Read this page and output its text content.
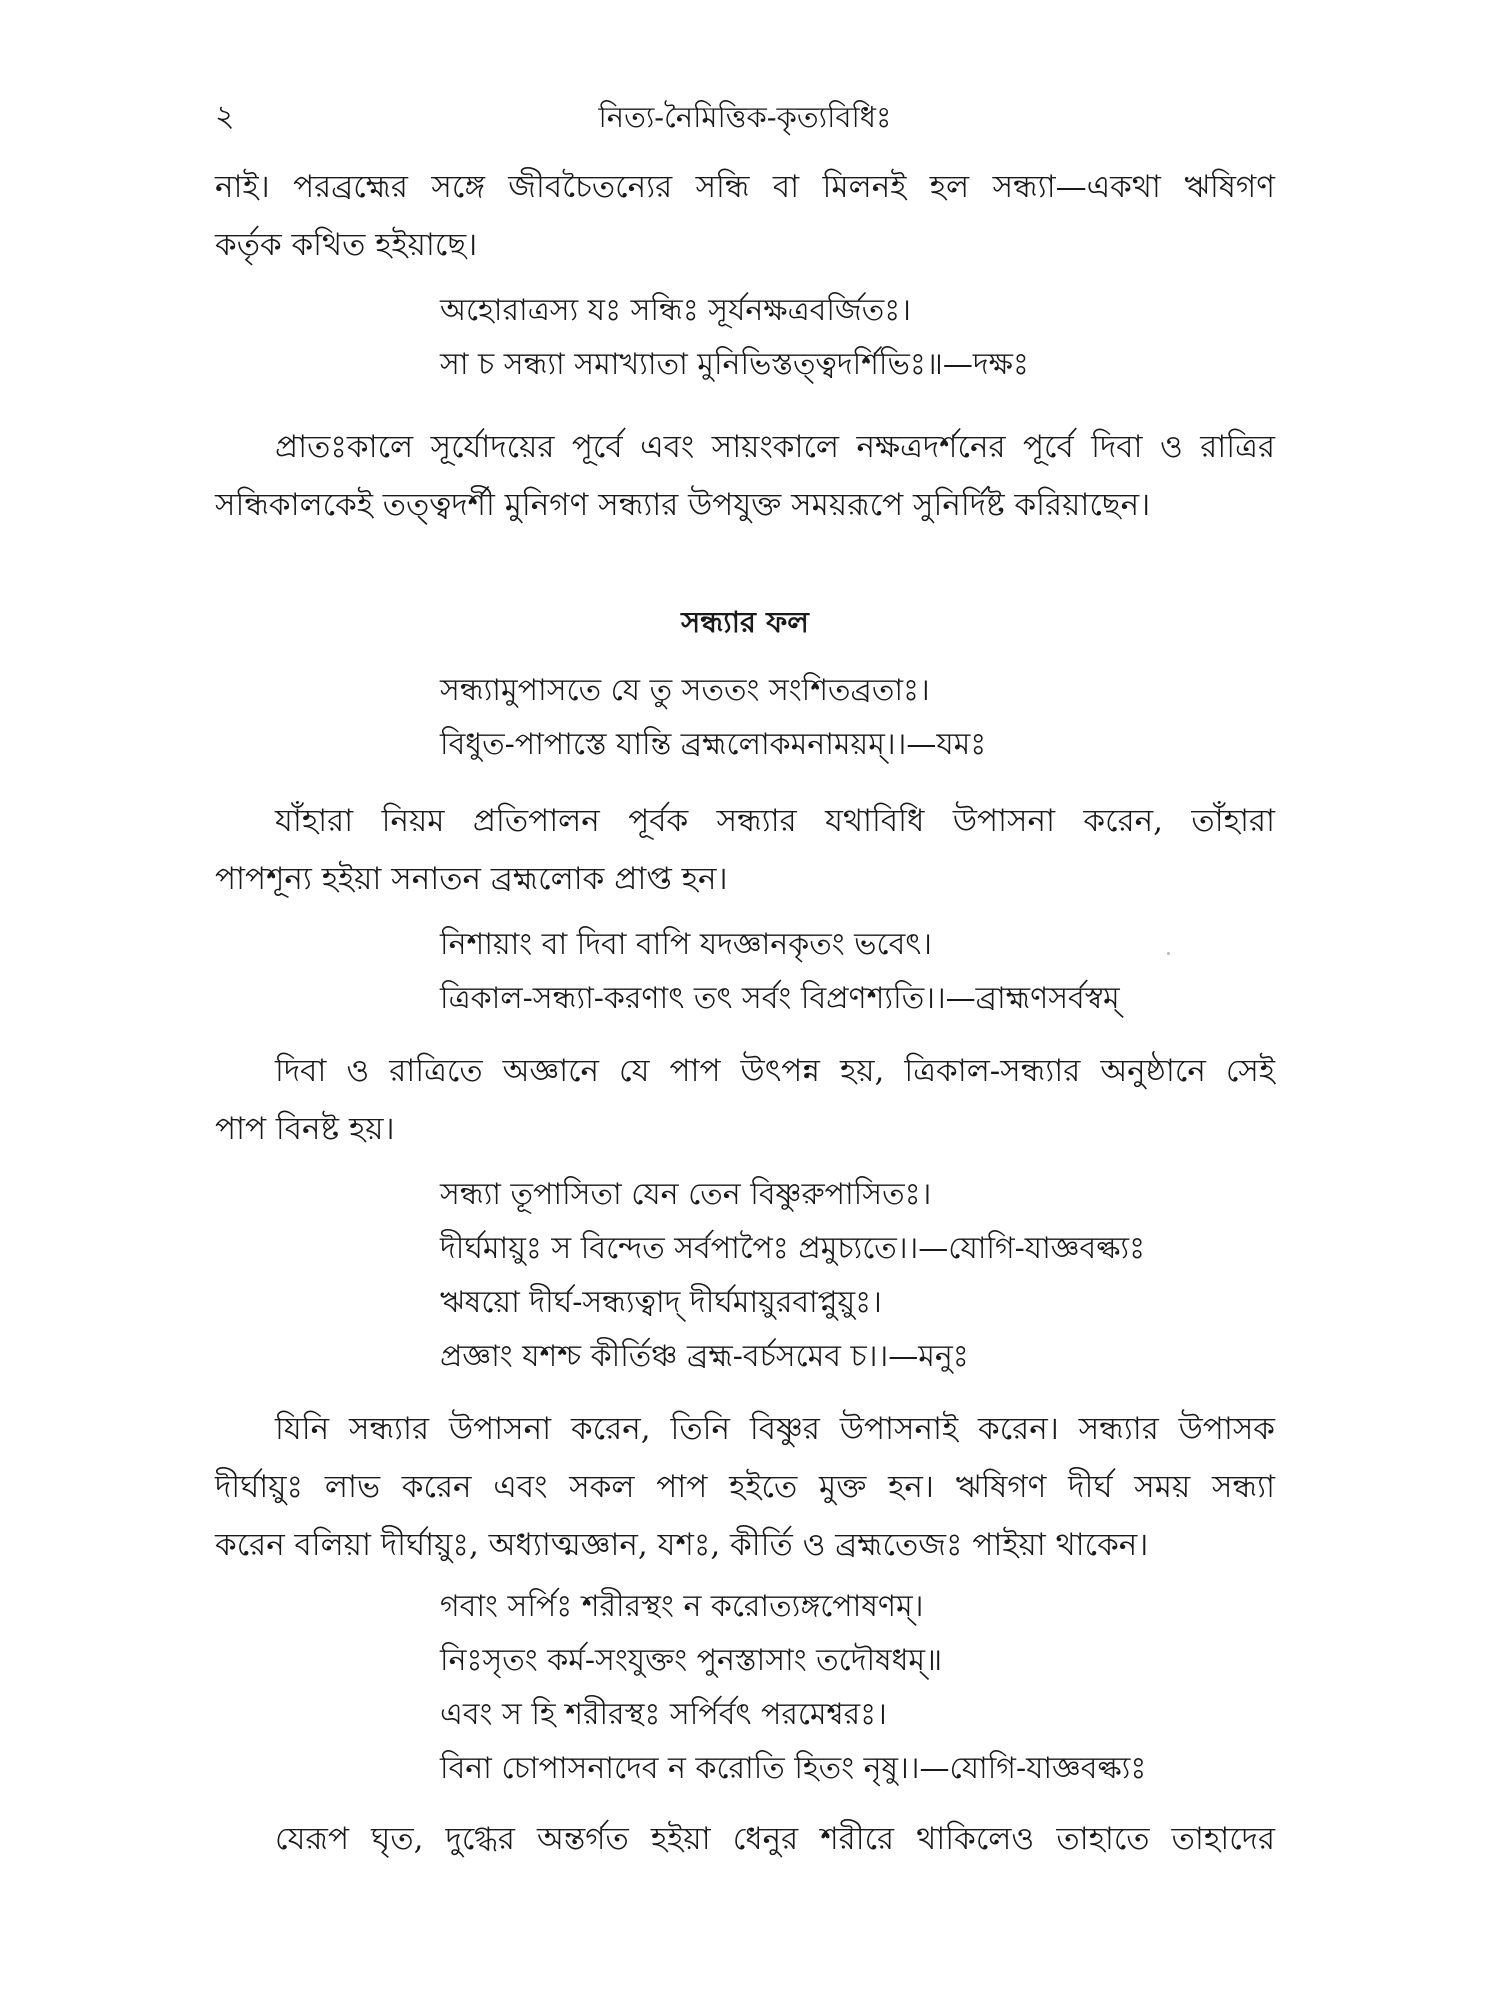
২	নিত্য-নৈমিত্তিক-কৃত্যবিধিঃ
নাই। পরব্রহ্মের সঙ্গে জীবচৈতন্যের সন্ধি বা মিলনই হল সন্ধ্যা—একথা ঋষিগণ
কর্তৃক কথিত হইয়াছে।
অহোরাত্রস্য যঃ সন্ধিঃ সূর্যনক্ষত্রবর্জিতঃ।
সা চ সন্ধ্যা সমাখ্যাতা মুনিভিস্তত্ত্বদর্শিভিঃ॥—দক্ষঃ
প্রাতঃকালে সূর্যোদয়ের পূর্বে এবং সায়ংকালে নক্ষত্রদর্শনের পূর্বে দিবা ও রাত্রির
সন্ধিকালকেই তত্ত্বদর্শী মুনিগণ সন্ধ্যার উপযুক্ত সময়রূপে সুনির্দিষ্ট করিয়াছেন।
সন্ধ্যার ফল
সন্ধ্যামুপাসতে যে তু সততং সংশিতব্রতাঃ।
বিধুত-পাপাস্তে যান্তি ব্রহ্মলোকমনাময়ম্।।—যমঃ
যাঁহারা নিয়ম প্রতিপালন পূর্বক সন্ধ্যার যথাবিধি উপাসনা করেন, তাঁহারা
পাপশূন্য হইয়া সনাতন ব্রহ্মলোক প্রাপ্ত হন।
নিশায়াং বা দিবা বাপি যদজ্ঞানকৃতং ভবেৎ।
ত্রিকাল-সন্ধ্যা-করণাৎ তৎ সর্বং বিপ্রণশ্যতি।।—ব্রাহ্মণসর্বস্বম্
দিবা ও রাত্রিতে অজ্ঞানে যে পাপ উৎপন্ন হয়, ত্রিকাল-সন্ধ্যার অনুষ্ঠানে সেই
পাপ বিনষ্ট হয়।
সন্ধ্যা তূপাসিতা যেন তেন বিষ্ণুরুপাসিতঃ।
দীর্ঘমায়ুঃ স বিন্দেত সর্বপাপৈঃ প্রমুচ্যতে।।—যোগি-যাজ্ঞবল্ক্যঃ
ঋষয়ো দীর্ঘ-সন্ধ্যত্বাদ্ দীর্ঘমায়ুরবাপ্নুয়ুঃ।
প্রজ্ঞাং যশশ্চ কীর্তিঞ্চ ব্রহ্ম-বর্চসমেব চ।।—মনুঃ
যিনি সন্ধ্যার উপাসনা করেন, তিনি বিষ্ণুর উপাসনাই করেন। সন্ধ্যার উপাসক
দীর্ঘায়ুঃ লাভ করেন এবং সকল পাপ হইতে মুক্ত হন। ঋষিগণ দীর্ঘ সময় সন্ধ্যা
করেন বলিয়া দীর্ঘায়ুঃ, অধ্যাত্মজ্ঞান, যশঃ, কীর্তি ও ব্রহ্মতেজঃ পাইয়া থাকেন।
গবাং সর্পিঃ শরীরস্থং ন করোত্যঙ্গপোষণম্।
নিঃসৃতং কর্ম-সংযুক্তং পুনস্তাসাং তদৌষধম্॥
এবং স হি শরীরস্থঃ সর্পির্বৎ পরমেশ্বরঃ।
বিনা চোপাসনাদেব ন করোতি হিতং নৃষু।।—যোগি-যাজ্ঞবল্ক্যঃ
যেরূপ ঘৃত, দুগ্ধের অন্তর্গত হইয়া ধেনুর শরীরে থাকিলেও তাহাতে তাহাদের
